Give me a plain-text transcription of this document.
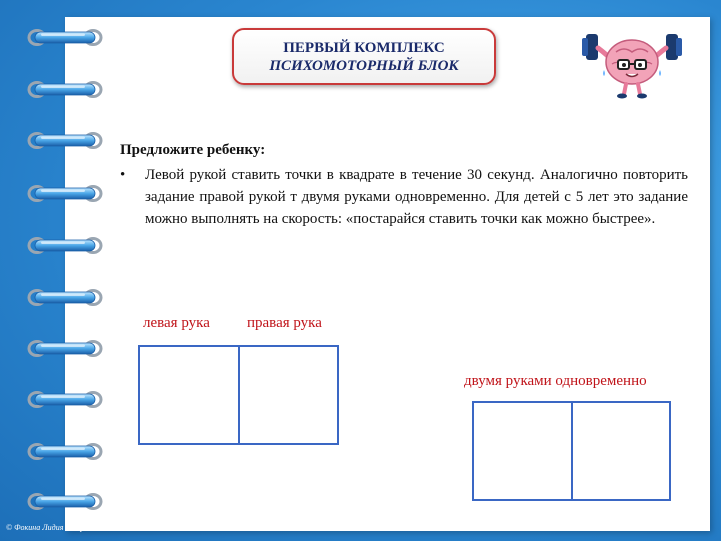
ПЕРВЫЙ КОМПЛЕКС
ПСИХОМОТОРНЫЙ БЛОК
Предложите ребенку:
• Левой рукой ставить точки в квадрате в течение 30 секунд. Аналогично повторить задание правой рукой т двумя руками одновременно. Для детей с 5 лет это задание можно выполнять на скорость: «постарайся ставить точки как можно быстрее».
левая рука правая рука
двумя руками одновременно
© Фокина Лидия Петровна
